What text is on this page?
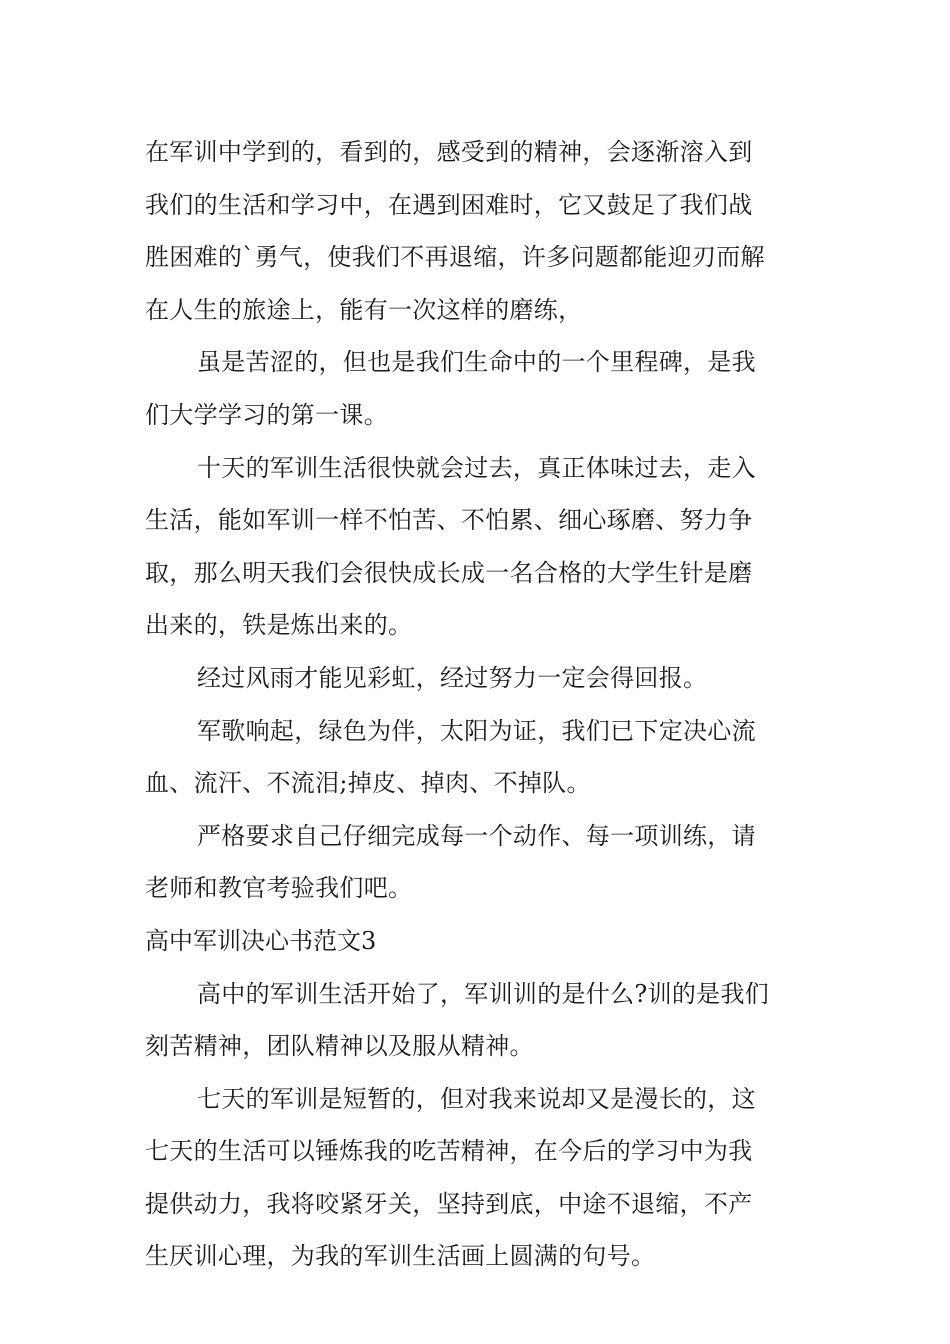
在军训中学到的，看到的，感受到的精神，会逐渐溶入到
我们的生活和学习中，在遇到困难时，它又鼓足了我们战
胜困难的`勇气，使我们不再退缩，许多问题都能迎刃而解
在人生的旅途上，能有一次这样的磨练，
虽是苦涩的，但也是我们生命中的一个里程碑，是我
们大学学习的第一课。
十天的军训生活很快就会过去，真正体味过去，走入
生活，能如军训一样不怕苦、不怕累、细心琢磨、努力争
取，那么明天我们会很快成长成一名合格的大学生针是磨
出来的，铁是炼出来的。
经过风雨才能见彩虹，经过努力一定会得回报。
军歌响起，绿色为伴，太阳为证，我们已下定决心流
血、流汗、不流泪;掉皮、掉肉、不掉队。
严格要求自己仔细完成每一个动作、每一项训练，请
老师和教官考验我们吧。
高中军训决心书范文3
高中的军训生活开始了，军训训的是什么?训的是我们
刻苦精神，团队精神以及服从精神。
七天的军训是短暂的，但对我来说却又是漫长的，这
七天的生活可以锤炼我的吃苦精神，在今后的学习中为我
提供动力，我将咬紧牙关，坚持到底，中途不退缩，不产
生厌训心理，为我的军训生活画上圆满的句号。
